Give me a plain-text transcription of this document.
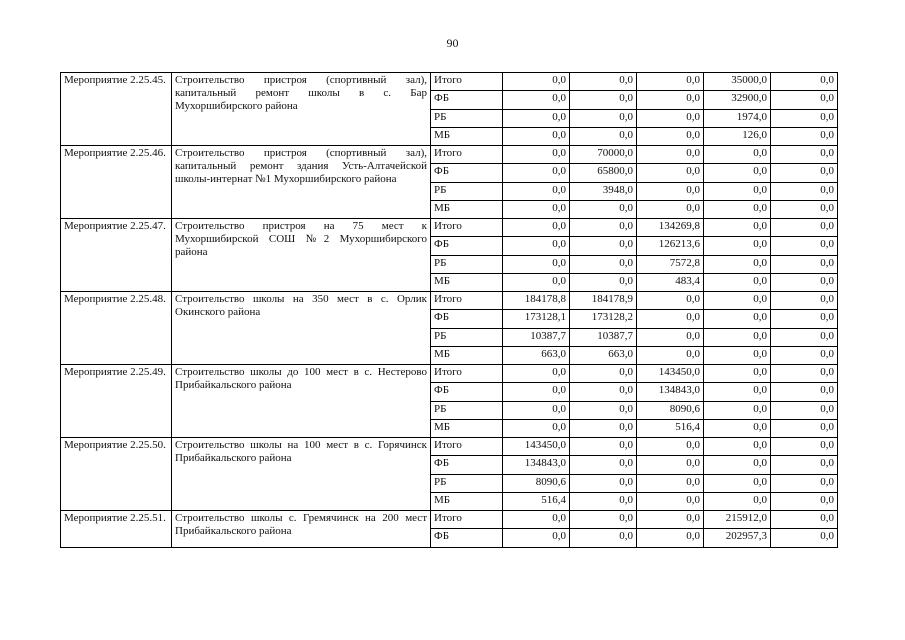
90
Мероприятие 2.25.45.	Строительство пристроя (спортивный зал), капитальный ремонт школы в с. Бар Мухоршибирского района	Итого	0,0	0,0	0,0	35000,0	0,0
		ФБ	0,0	0,0	0,0	32900,0	0,0
		РБ	0,0	0,0	0,0	1974,0	0,0
		МБ	0,0	0,0	0,0	126,0	0,0
Мероприятие 2.25.46.	Строительство пристроя (спортивный зал), капитальный ремонт здания Усть-Алтачейской школы-интернат №1 Мухоршибирского района	Итого	0,0	70000,0	0,0	0,0	0,0
		ФБ	0,0	65800,0	0,0	0,0	0,0
		РБ	0,0	3948,0	0,0	0,0	0,0
		МБ	0,0	0,0	0,0	0,0	0,0
Мероприятие 2.25.47.	Строительство пристроя на 75 мест к Мухоршибирской СОШ №2 Мухоршибирского района	Итого	0,0	0,0	134269,8	0,0	0,0
		ФБ	0,0	0,0	126213,6	0,0	0,0
		РБ	0,0	0,0	7572,8	0,0	0,0
		МБ	0,0	0,0	483,4	0,0	0,0
Мероприятие 2.25.48.	Строительство школы на 350 мест в с. Орлик Окинского района	Итого	184178,8	184178,9	0,0	0,0	0,0
		ФБ	173128,1	173128,2	0,0	0,0	0,0
		РБ	10387,7	10387,7	0,0	0,0	0,0
		МБ	663,0	663,0	0,0	0,0	0,0
Мероприятие 2.25.49.	Строительство школы до 100 мест в с. Нестерово Прибайкальского района	Итого	0,0	0,0	143450,0	0,0	0,0
		ФБ	0,0	0,0	134843,0	0,0	0,0
		РБ	0,0	0,0	8090,6	0,0	0,0
		МБ	0,0	0,0	516,4	0,0	0,0
Мероприятие 2.25.50.	Строительство школы на 100 мест в с. Горячинск Прибайкальского района	Итого	143450,0	0,0	0,0	0,0	0,0
		ФБ	134843,0	0,0	0,0	0,0	0,0
		РБ	8090,6	0,0	0,0	0,0	0,0
		МБ	516,4	0,0	0,0	0,0	0,0
Мероприятие 2.25.51.	Строительство школы с. Гремячинск на 200 мест Прибайкальского района	Итого	0,0	0,0	0,0	215912,0	0,0
		ФБ	0,0	0,0	0,0	202957,3	0,0
